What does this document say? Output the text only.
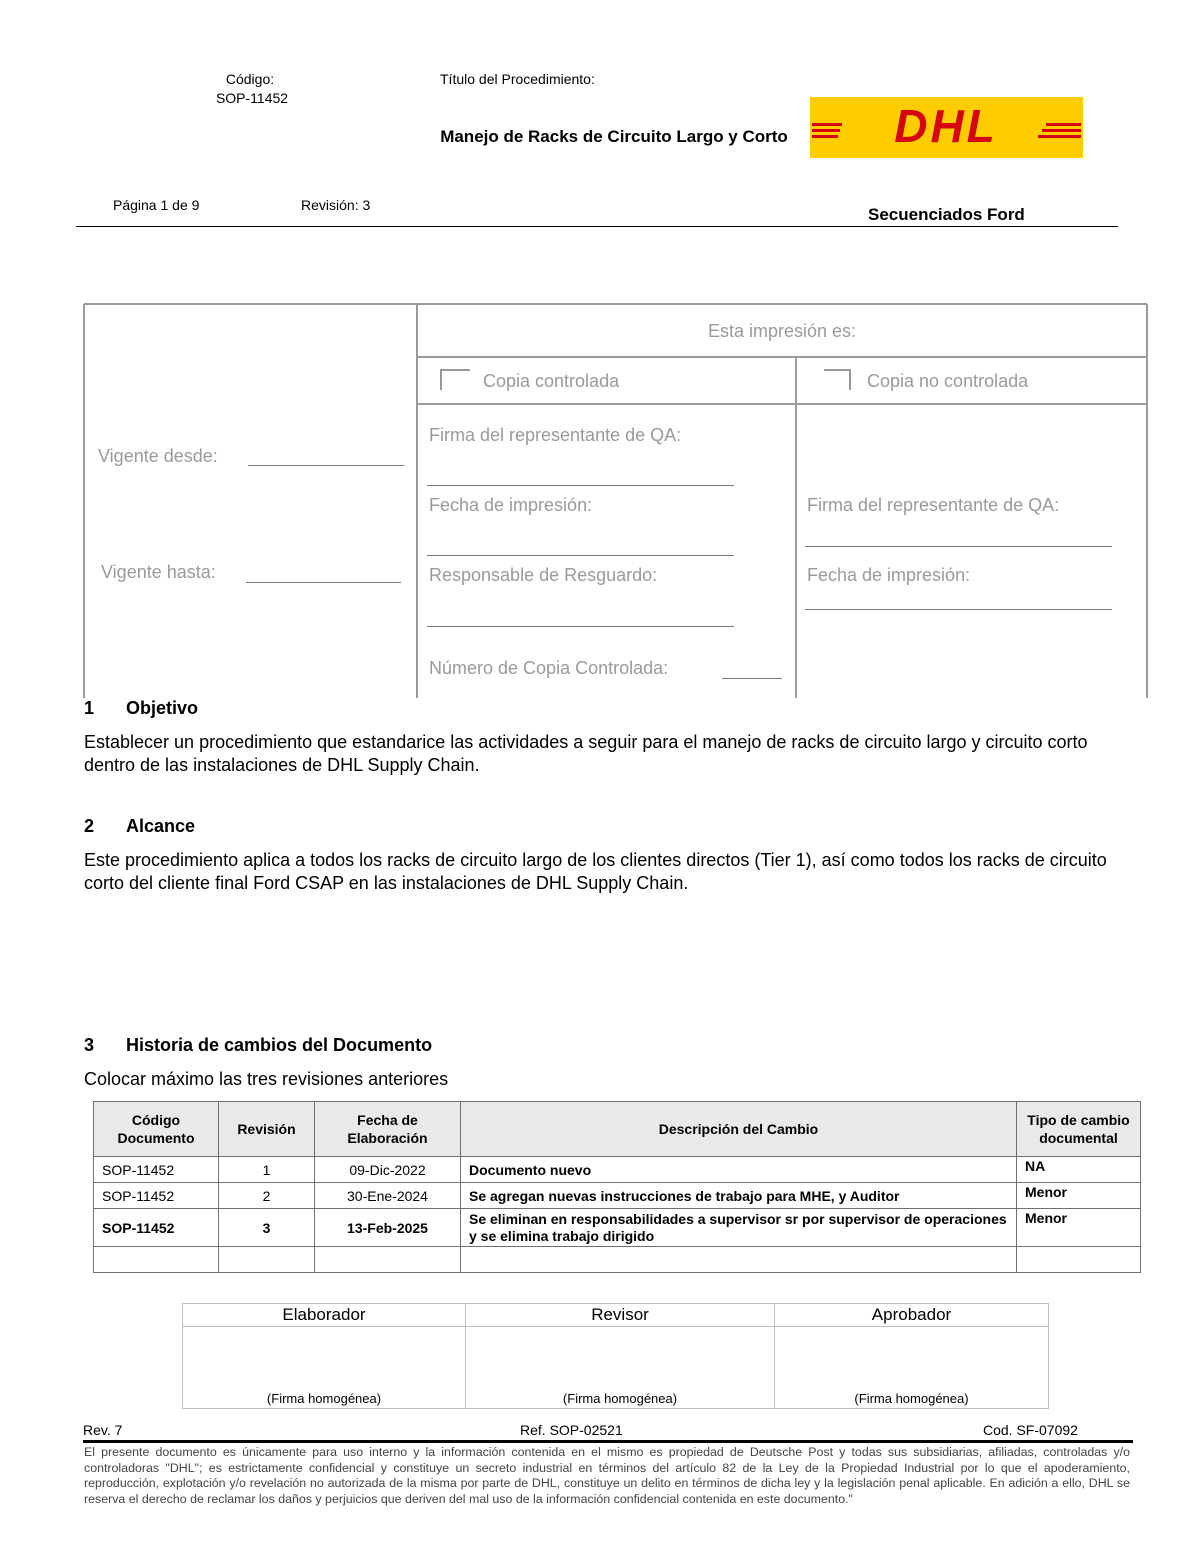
Código:
SOP-11452
Título del Procedimiento:
Manejo de Racks de Circuito Largo y Corto DHL
Página 1 de 9	Revisión: 3	Secuenciados Ford
Esta impresión es:
Copia controlada	Copia no controlada
Vigente desde:
Vigente hasta:
Firma del representante de QA:
Fecha de impresión:
Responsable de Resguardo:
Número de Copia Controlada:
Firma del representante de QA:
Fecha de impresión:
1 Objetivo
Establecer un procedimiento que estandarice las actividades a seguir para el manejo de racks de circuito largo y circuito corto dentro de las instalaciones de DHL Supply Chain.
2 Alcance
Este procedimiento aplica a todos los racks de circuito largo de los clientes directos (Tier 1), así como todos los racks de circuito corto del cliente final Ford CSAP en las instalaciones de DHL Supply Chain.
3 Historia de cambios del Documento
Colocar máximo las tres revisiones anteriores
Código Documento	Revisión	Fecha de Elaboración	Descripción del Cambio	Tipo de cambio documental
SOP-11452	1	09-Dic-2022	Documento nuevo	NA
SOP-11452	2	30-Ene-2024	Se agregan nuevas instrucciones de trabajo para MHE, y Auditor	Menor
SOP-11452	3	13-Feb-2025	Se eliminan en responsabilidades a supervisor sr por supervisor de operaciones y se elimina trabajo dirigido	Menor

Elaborador	Revisor	Aprobador
(Firma homogénea)	(Firma homogénea)	(Firma homogénea)
Rev. 7	Ref. SOP-02521	Cod. SF-07092
El presente documento es únicamente para uso interno y la información contenida en el mismo es propiedad de Deutsche Post y todas sus subsidiarias, afiliadas, controladas y/o controladoras "DHL"; es estrictamente confidencial y constituye un secreto industrial en términos del artículo 82 de la Ley de la Propiedad Industrial por lo que el apoderamiento, reproducción, explotación y/o revelación no autorizada de la misma por parte de DHL, constituye un delito en términos de dicha ley y la legislación penal aplicable. En adición a ello, DHL se reserva el derecho de reclamar los daños y perjuicios que deriven del mal uso de la información confidencial contenida en este documento."
